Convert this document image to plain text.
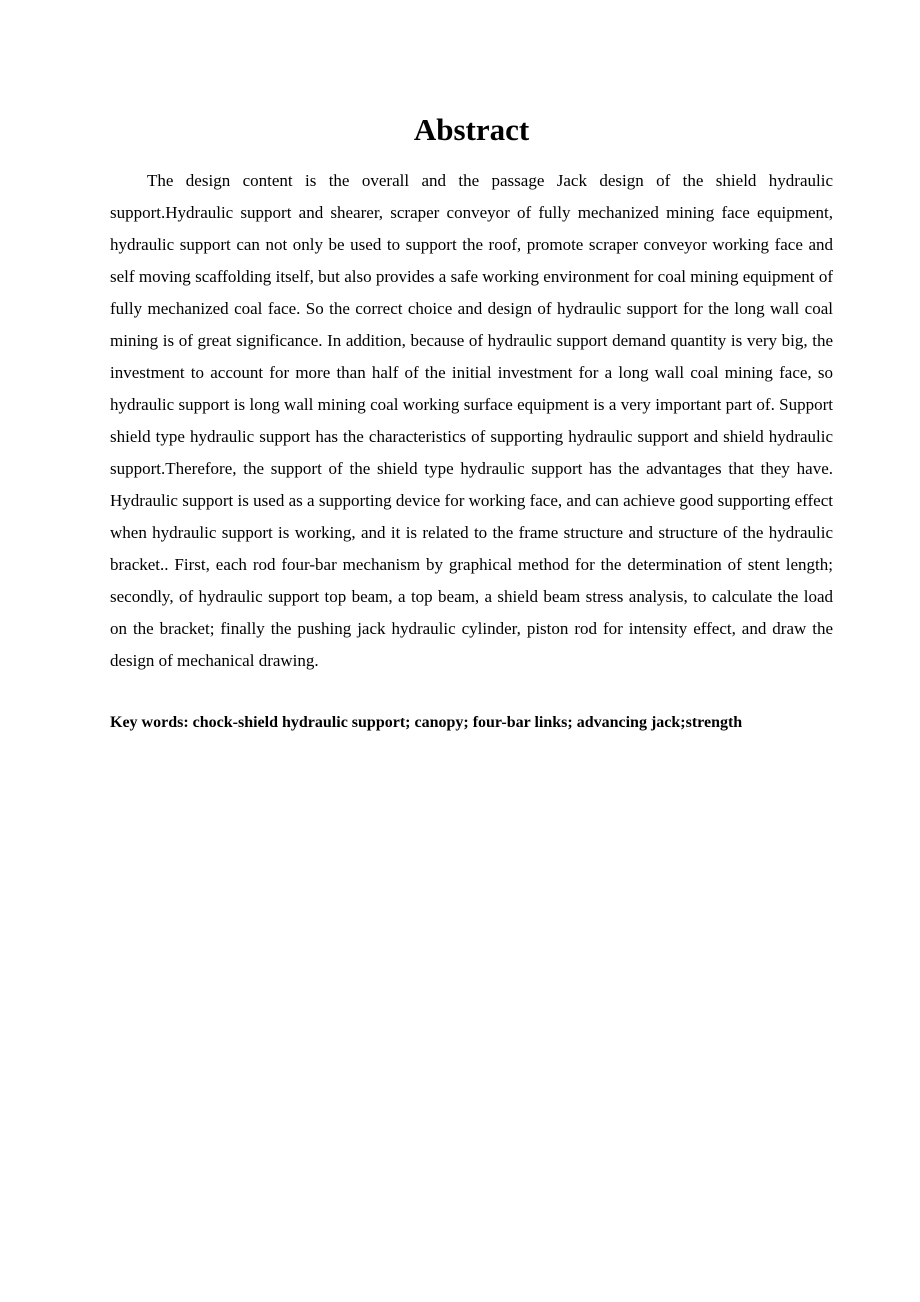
Abstract

The design content is the overall and the passage Jack design of the shield hydraulic support.Hydraulic support and shearer, scraper conveyor of fully mechanized mining face equipment, hydraulic support can not only be used to support the roof, promote scraper conveyor working face and self moving scaffolding itself, but also provides a safe working environment for coal mining equipment of fully mechanized coal face. So the correct choice and design of hydraulic support for the long wall coal mining is of great significance. In addition, because of hydraulic support demand quantity is very big, the investment to account for more than half of the initial investment for a long wall coal mining face, so hydraulic support is long wall mining coal working surface equipment is a very important part of. Support shield type hydraulic support has the characteristics of supporting hydraulic support and shield hydraulic support.Therefore, the support of the shield type hydraulic support has the advantages that they have. Hydraulic support is used as a supporting device for working face, and can achieve good supporting effect when hydraulic support is working, and it is related to the frame structure and structure of the hydraulic bracket.. First, each rod four-bar mechanism by graphical method for the determination of stent length; secondly, of hydraulic support top beam, a top beam, a shield beam stress analysis, to calculate the load on the bracket; finally the pushing jack hydraulic cylinder, piston rod for intensity effect, and draw the design of mechanical drawing.

Key words: chock-shield hydraulic support; canopy; four-bar links; advancing jack;strength
